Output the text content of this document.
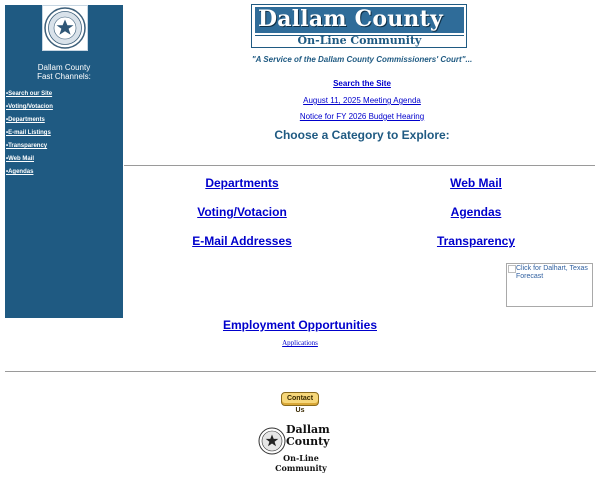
Dallam County
Fast Channels:
•Search our Site
•Voting/Votacion
•Departments
•E-mail Listings
•Transparency
•Web Mail
•Agendas
Dallam County
On-Line Community
"A Service of the Dallam County Commissioners' Court"...
Search the Site
August 11, 2025 Meeting Agenda
Notice for FY 2026 Budget Hearing
Choose a Category to Explore:
Departments
Voting/Votacion
E-Mail Addresses
Web Mail
Agendas
Transparency
Click for Dalhart, Texas Forecast
Employment Opportunities
Applications
Contact Us
Dallam
County
On-Line Community
